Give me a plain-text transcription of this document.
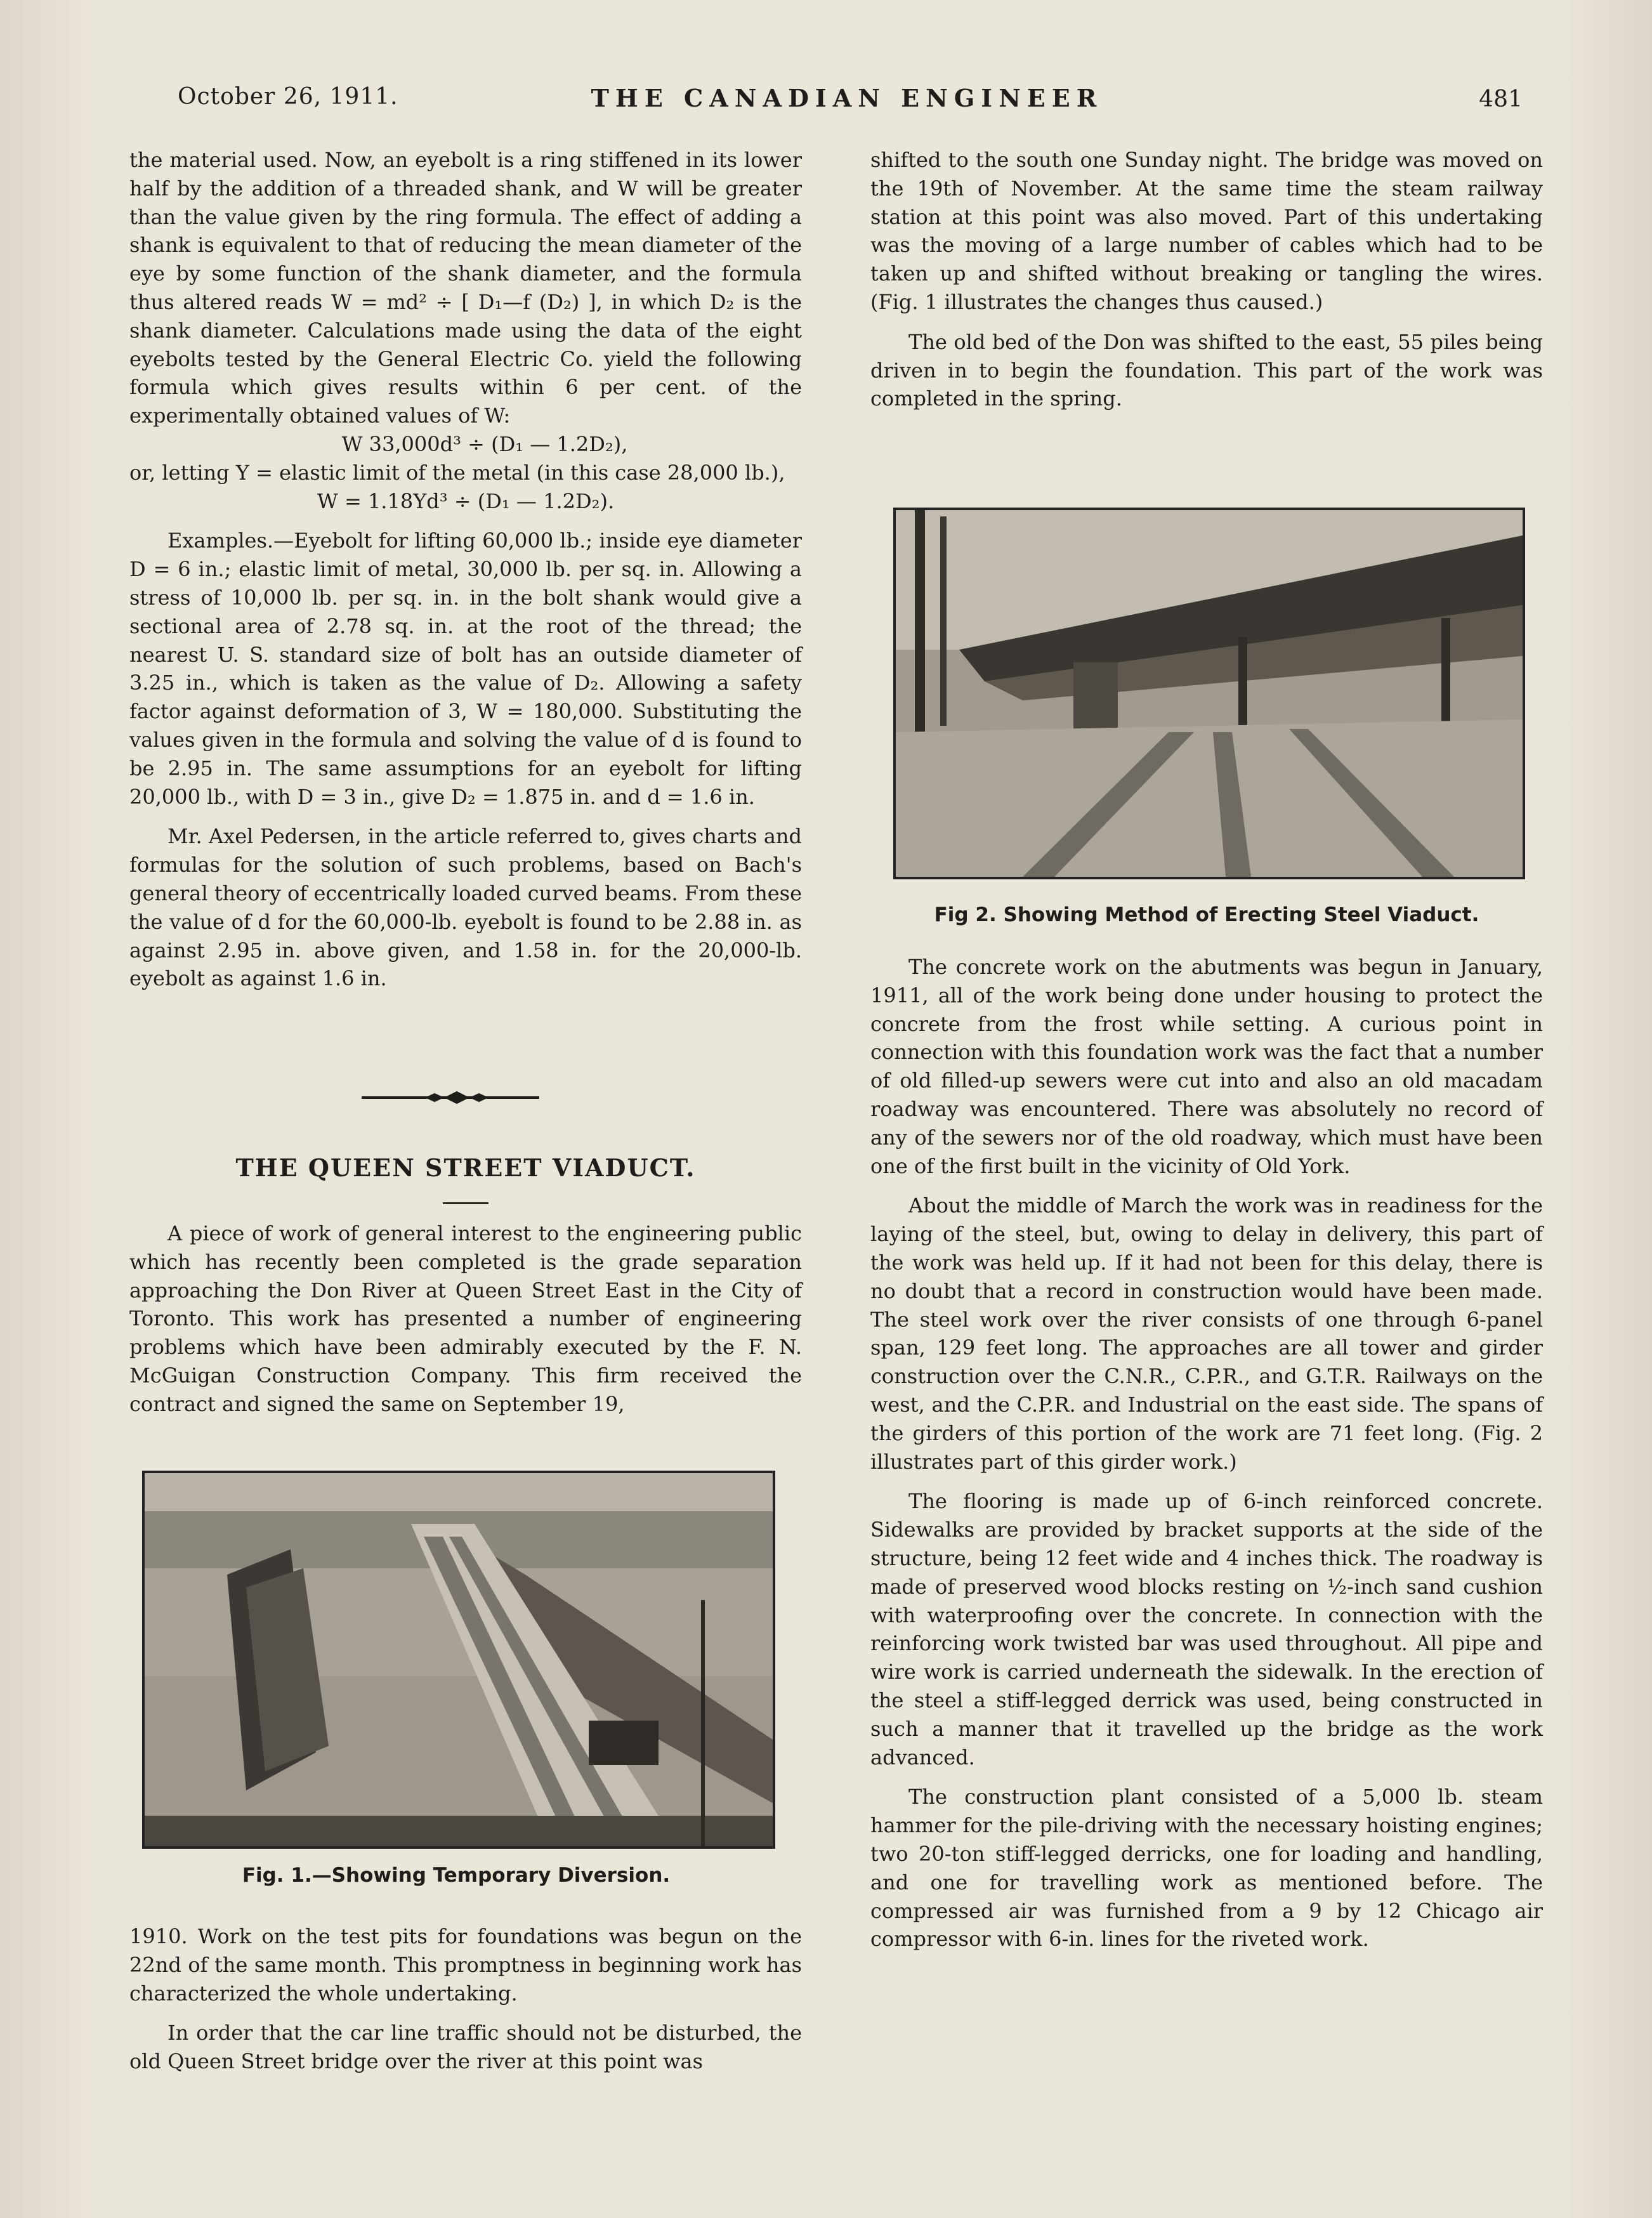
October 26, 1911.	THE CANADIAN ENGINEER	481

the material used. Now, an eyebolt is a ring stiffened in its lower half by the addition of a threaded shank, and W will be greater than the value given by the ring formula. The effect of adding a shank is equivalent to that of reducing the mean diameter of the eye by some function of the shank diameter, and the formula thus altered reads W = md² ÷ [ D₁—f (D₂) ], in which D₂ is the shank diameter. Calculations made using the data of the eight eyebolts tested by the General Electric Co. yield the following formula which gives results within 6 per cent. of the experimentally obtained values of W:

W 33,000d³ ÷ (D₁ — 1.2D₂),

or, letting Y = elastic limit of the metal (in this case 28,000 lb.),

W = 1.18Yd³ ÷ (D₁ — 1.2D₂).

Examples.—Eyebolt for lifting 60,000 lb.; inside eye diameter D = 6 in.; elastic limit of metal, 30,000 lb. per sq. in. Allowing a stress of 10,000 lb. per sq. in. in the bolt shank would give a sectional area of 2.78 sq. in. at the root of the thread; the nearest U. S. standard size of bolt has an outside diameter of 3.25 in., which is taken as the value of D₂. Allowing a safety factor against deformation of 3, W = 180,000. Substituting the values given in the formula and solving the value of d is found to be 2.95 in. The same assumptions for an eyebolt for lifting 20,000 lb., with D = 3 in., give D₂ = 1.875 in. and d = 1.6 in.

Mr. Axel Pedersen, in the article referred to, gives charts and formulas for the solution of such problems, based on Bach's general theory of eccentrically loaded curved beams. From these the value of d for the 60,000-lb. eyebolt is found to be 2.88 in. as against 2.95 in. above given, and 1.58 in. for the 20,000-lb. eyebolt as against 1.6 in.

THE QUEEN STREET VIADUCT.

A piece of work of general interest to the engineering public which has recently been completed is the grade separation approaching the Don River at Queen Street East in the City of Toronto. This work has presented a number of engineering problems which have been admirably executed by the F. N. McGuigan Construction Company. This firm received the contract and signed the same on September 19,

Fig. 1.—Showing Temporary Diversion.

1910. Work on the test pits for foundations was begun on the 22nd of the same month. This promptness in beginning work has characterized the whole undertaking.

In order that the car line traffic should not be disturbed, the old Queen Street bridge over the river at this point was

shifted to the south one Sunday night. The bridge was moved on the 19th of November. At the same time the steam railway station at this point was also moved. Part of this undertaking was the moving of a large number of cables which had to be taken up and shifted without breaking or tangling the wires. (Fig. 1 illustrates the changes thus caused.)

The old bed of the Don was shifted to the east, 55 piles being driven in to begin the foundation. This part of the work was completed in the spring.

Fig 2. Showing Method of Erecting Steel Viaduct.

The concrete work on the abutments was begun in January, 1911, all of the work being done under housing to protect the concrete from the frost while setting. A curious point in connection with this foundation work was the fact that a number of old filled-up sewers were cut into and also an old macadam roadway was encountered. There was absolutely no record of any of the sewers nor of the old roadway, which must have been one of the first built in the vicinity of Old York.

About the middle of March the work was in readiness for the laying of the steel, but, owing to delay in delivery, this part of the work was held up. If it had not been for this delay, there is no doubt that a record in construction would have been made. The steel work over the river consists of one through 6-panel span, 129 feet long. The approaches are all tower and girder construction over the C.N.R., C.P.R., and G.T.R. Railways on the west, and the C.P.R. and Industrial on the east side. The spans of the girders of this portion of the work are 71 feet long. (Fig. 2 illustrates part of this girder work.)

The flooring is made up of 6-inch reinforced concrete. Sidewalks are provided by bracket supports at the side of the structure, being 12 feet wide and 4 inches thick. The roadway is made of preserved wood blocks resting on ½-inch sand cushion with waterproofing over the concrete. In connection with the reinforcing work twisted bar was used throughout. All pipe and wire work is carried underneath the sidewalk. In the erection of the steel a stiff-legged derrick was used, being constructed in such a manner that it travelled up the bridge as the work advanced.

The construction plant consisted of a 5,000 lb. steam hammer for the pile-driving with the necessary hoisting engines; two 20-ton stiff-legged derricks, one for loading and handling, and one for travelling work as mentioned before. The compressed air was furnished from a 9 by 12 Chicago air compressor with 6-in. lines for the riveted work.
